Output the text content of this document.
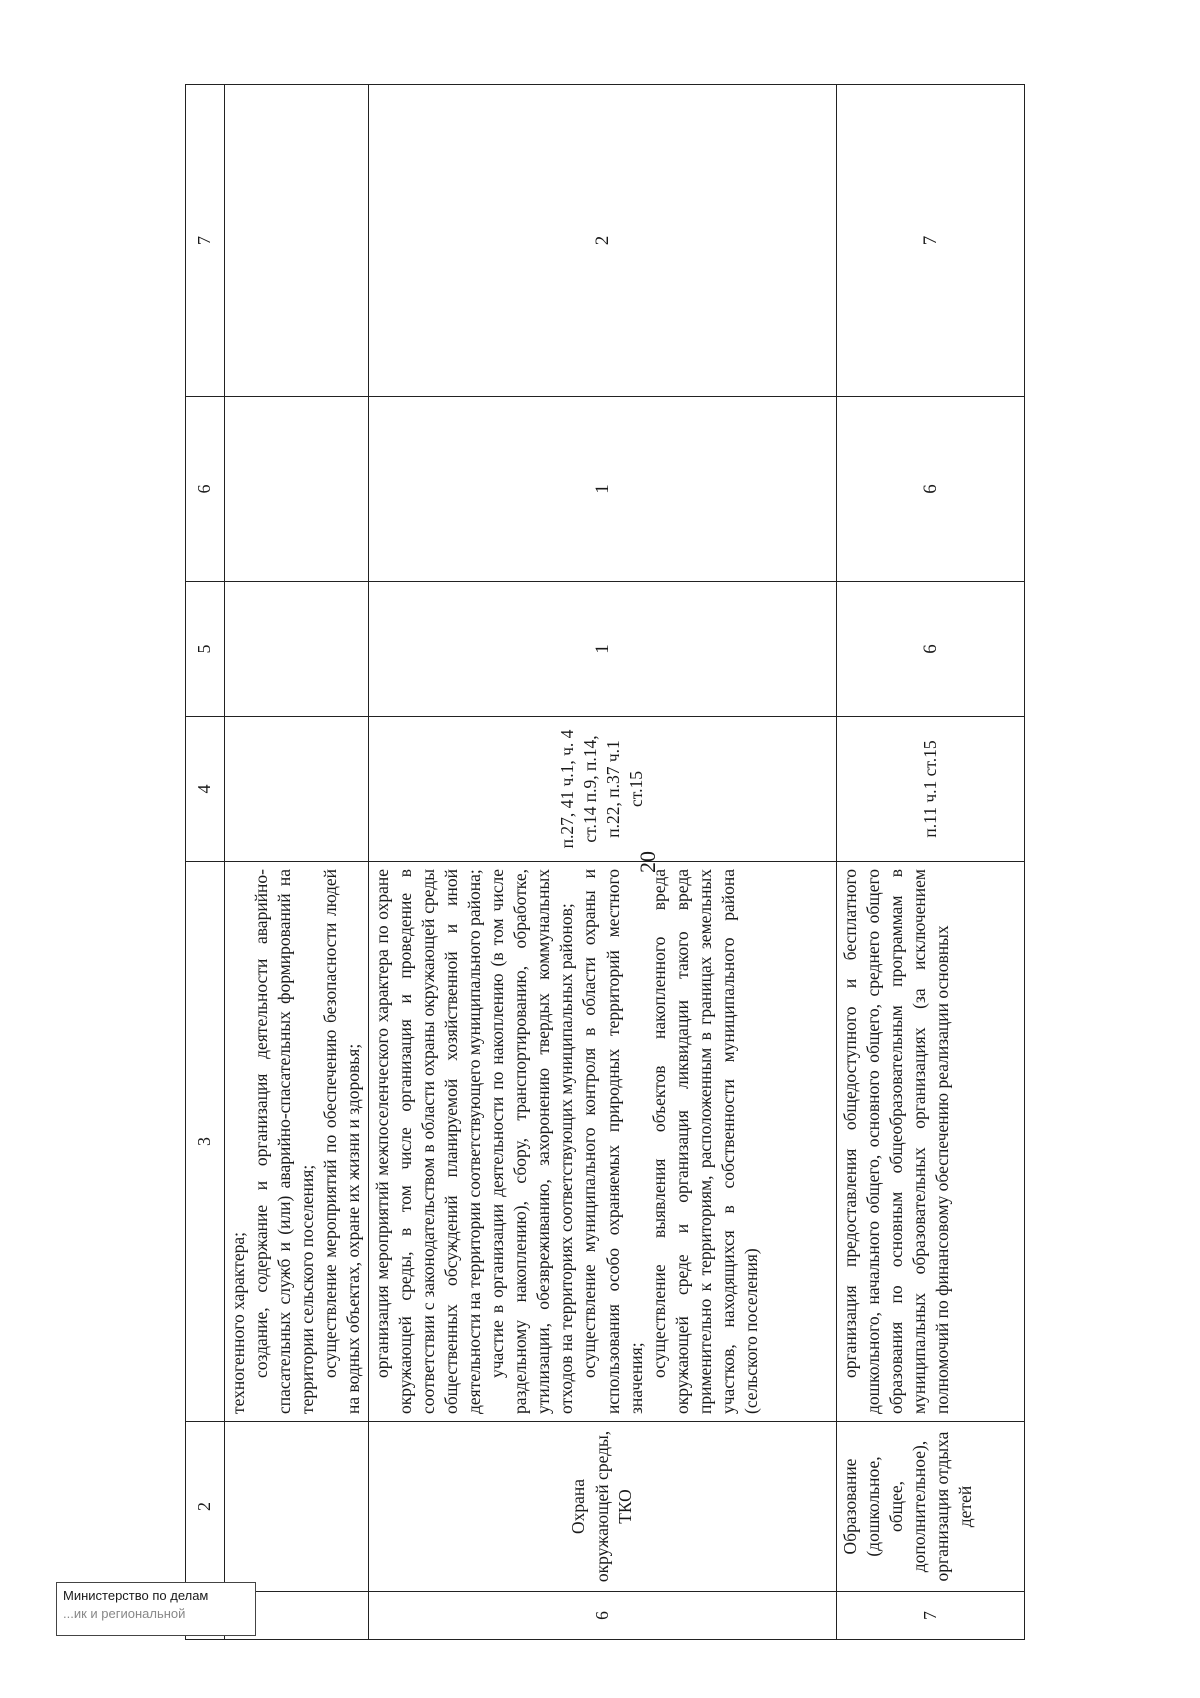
20
	2	3	4	5	6	7

		техногенного характера; создание, содержание и организация деятельности аварийно-спасательных служб и (или) аварийно-спасательных формирований на территории сельского поселения; осуществление мероприятий по обеспечению безопасности людей на водных объектах, охране их жизни и здоровья;				

6	Охрана окружающей среды, ТКО	организация мероприятий межпоселенческого характера по охране окружающей среды, в том числе организация и проведение в соответствии с законодательством в области охраны окружающей среды общественных обсуждений планируемой хозяйственной и иной деятельности на территории соответствующего муниципального района; участие в организации деятельности по накоплению (в том числе раздельному накоплению), сбору, транспортированию, обработке, утилизации, обезвреживанию, захоронению твердых коммунальных отходов на территориях соответствующих муниципальных районов; осуществление муниципального контроля в области охраны и использования особо охраняемых природных территорий местного значения;

осуществление выявления объектов накопленного вреда окружающей среде и организация ликвидации такого вреда применительно к территориям, расположенным в границах земельных участков, находящихся в собственности муниципального района (сельского поселения)	п.27, 41 ч.1, ч. 4 ст.14 п.9, п.14, п.22, п.37 ч.1 ст.15	1	1	2
7	Образование (дошкольное, общее, дополнительное), организация отдыха детей	организация предоставления общедоступного и бесплатного дошкольного, начального общего, основного общего, среднего общего образования по основным общеобразовательным программам в муниципальных образовательных организациях (за исключением полномочий по финансовому обеспечению реализации основных	п.11 ч.1 ст.15	6	6	7
Министерство по делам
...ик и региональной
